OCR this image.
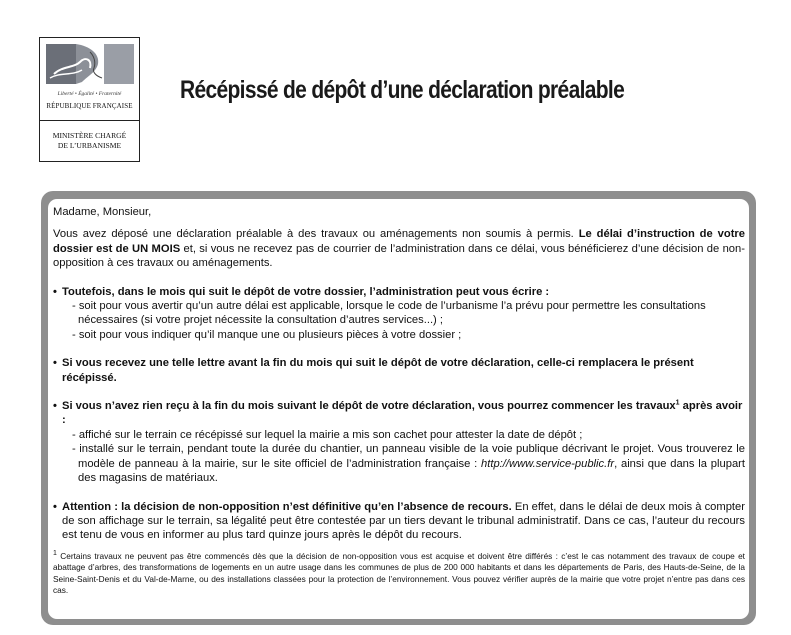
Liberté • Égalité • Fraternité
RÉPUBLIQUE FRANÇAISE
MINISTÈRE CHARGÉ
DE L’URBANISME
Récépissé de dépôt d’une déclaration préalable

Madame, Monsieur,

Vous avez déposé une déclaration préalable à des travaux ou aménagements non soumis à permis. Le délai d’instruction de votre dossier est de UN MOIS et, si vous ne recevez pas de courrier de l’administration dans ce délai, vous bénéficierez d’une décision de non-opposition à ces travaux ou aménagements.

• Toutefois, dans le mois qui suit le dépôt de votre dossier, l’administration peut vous écrire :

- soit pour vous avertir qu’un autre délai est applicable, lorsque le code de l’urbanisme l’a prévu pour permettre les consultations nécessaires (si votre projet nécessite la consultation d’autres services...) ;

- soit pour vous indiquer qu’il manque une ou plusieurs pièces à votre dossier ;

• Si vous recevez une telle lettre avant la fin du mois qui suit le dépôt de votre déclaration, celle-ci remplacera le présent récépissé.
• Si vous n’avez rien reçu à la fin du mois suivant le dépôt de votre déclaration, vous pourrez commencer les travaux$^1$ après avoir :

- affiché sur le terrain ce récépissé sur lequel la mairie a mis son cachet pour attester la date de dépôt ;

- installé sur le terrain, pendant toute la durée du chantier, un panneau visible de la voie publique décrivant le projet. Vous trouverez le modèle de panneau à la mairie, sur le site officiel de l’administration française : http://www.service-public.fr, ainsi que dans la plupart des magasins de matériaux.

• Attention : la décision de non-opposition n’est définitive qu’en l’absence de recours. En effet, dans le délai de deux mois à compter de son affichage sur le terrain, sa légalité peut être contestée par un tiers devant le tribunal administratif. Dans ce cas, l’auteur du recours est tenu de vous en informer au plus tard quinze jours après le dépôt du recours.

$^1$ Certains travaux ne peuvent pas être commencés dès que la décision de non-opposition vous est acquise et doivent être différés : c’est le cas notamment des travaux de coupe et abattage d’arbres, des transformations de logements en un autre usage dans les communes de plus de 200 000 habitants et dans les départements de Paris, des Hauts-de-Seine, de la Seine-Saint-Denis et du Val-de-Marne, ou des installations classées pour la protection de l’environnement. Vous pouvez vérifier auprès de la mairie que votre projet n’entre pas dans ces cas.
